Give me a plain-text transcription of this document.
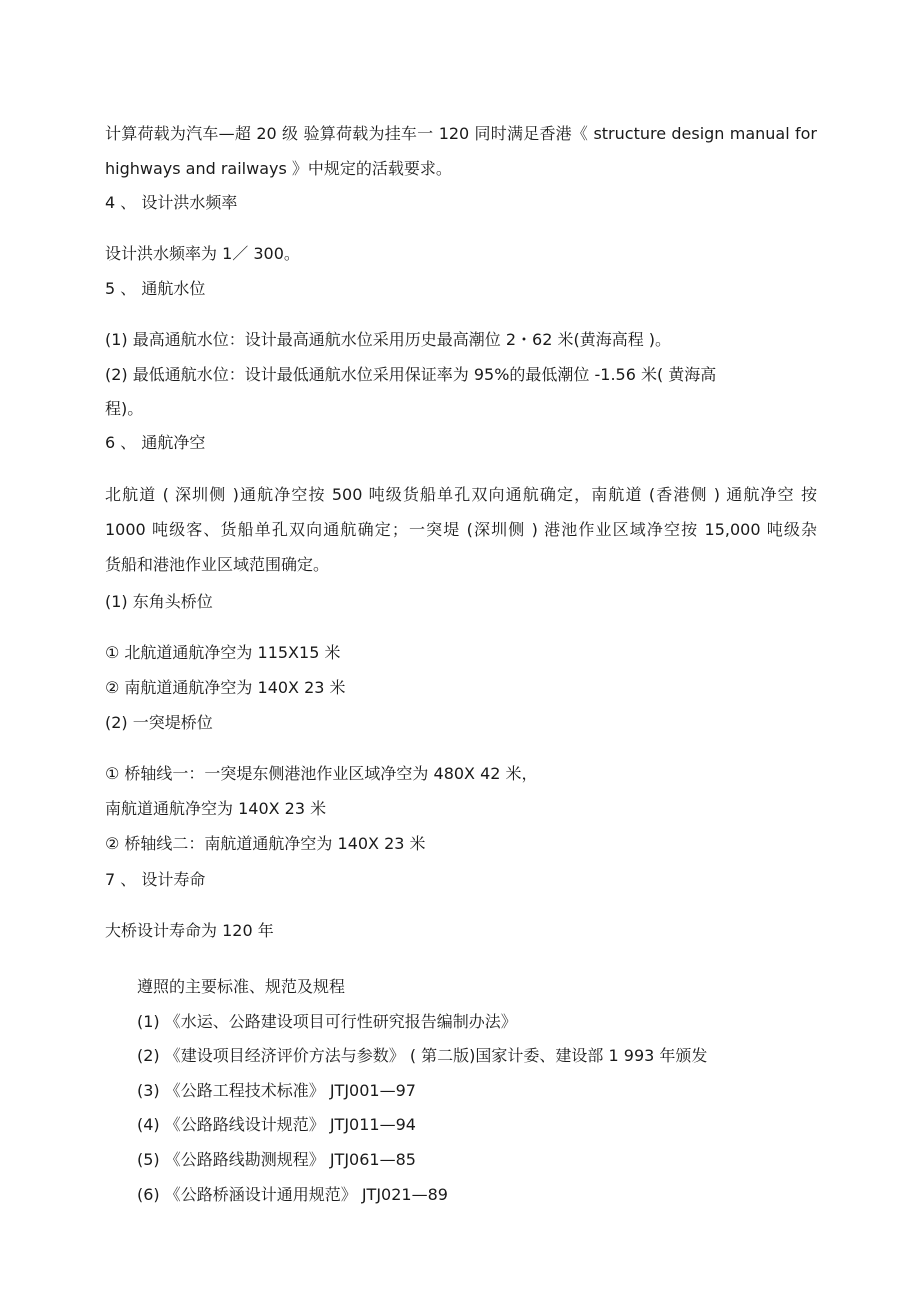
计算荷载为汽车—超 20 级 验算荷载为挂车一 120 同时满足香港《 structure design manual for
highways and railways 》中规定的活载要求。
4 、 设计洪水频率
设计洪水频率为 1／ 300。
5 、 通航水位
(1) 最高通航水位：设计最高通航水位采用历史最高潮位 2・62 米(黄海高程 )。
(2) 最低通航水位：设计最低通航水位采用保证率为 95%的最低潮位 -1.56 米( 黄海高
程)。
6 、 通航净空
北航道 ( 深圳侧 )通航净空按 500 吨级货船单孔双向通航确定，南航道 (香港侧 ) 通航净空 按
1000 吨级客、货船单孔双向通航确定；一突堤 (深圳侧 ) 港池作业区域净空按 15,000 吨级杂
货船和港池作业区域范围确定。
(1) 东角头桥位
① 北航道通航净空为 115X15 米
② 南航道通航净空为 140X 23 米
(2) 一突堤桥位
① 桥轴线一：一突堤东侧港池作业区域净空为 480X 42 米，
南航道通航净空为 140X 23 米
② 桥轴线二：南航道通航净空为 140X 23 米
7 、 设计寿命
大桥设计寿命为 120 年
遵照的主要标准、规范及规程
(1) 《水运、公路建设项目可行性研究报告编制办法》
(2) 《建设项目经济评价方法与参数》 ( 第二版)国家计委、建设部 1 993 年颁发
(3) 《公路工程技术标准》 JTJ001—97
(4) 《公路路线设计规范》 JTJ011—94
(5) 《公路路线勘测规程》 JTJ061—85
(6) 《公路桥涵设计通用规范》 JTJ021—89
